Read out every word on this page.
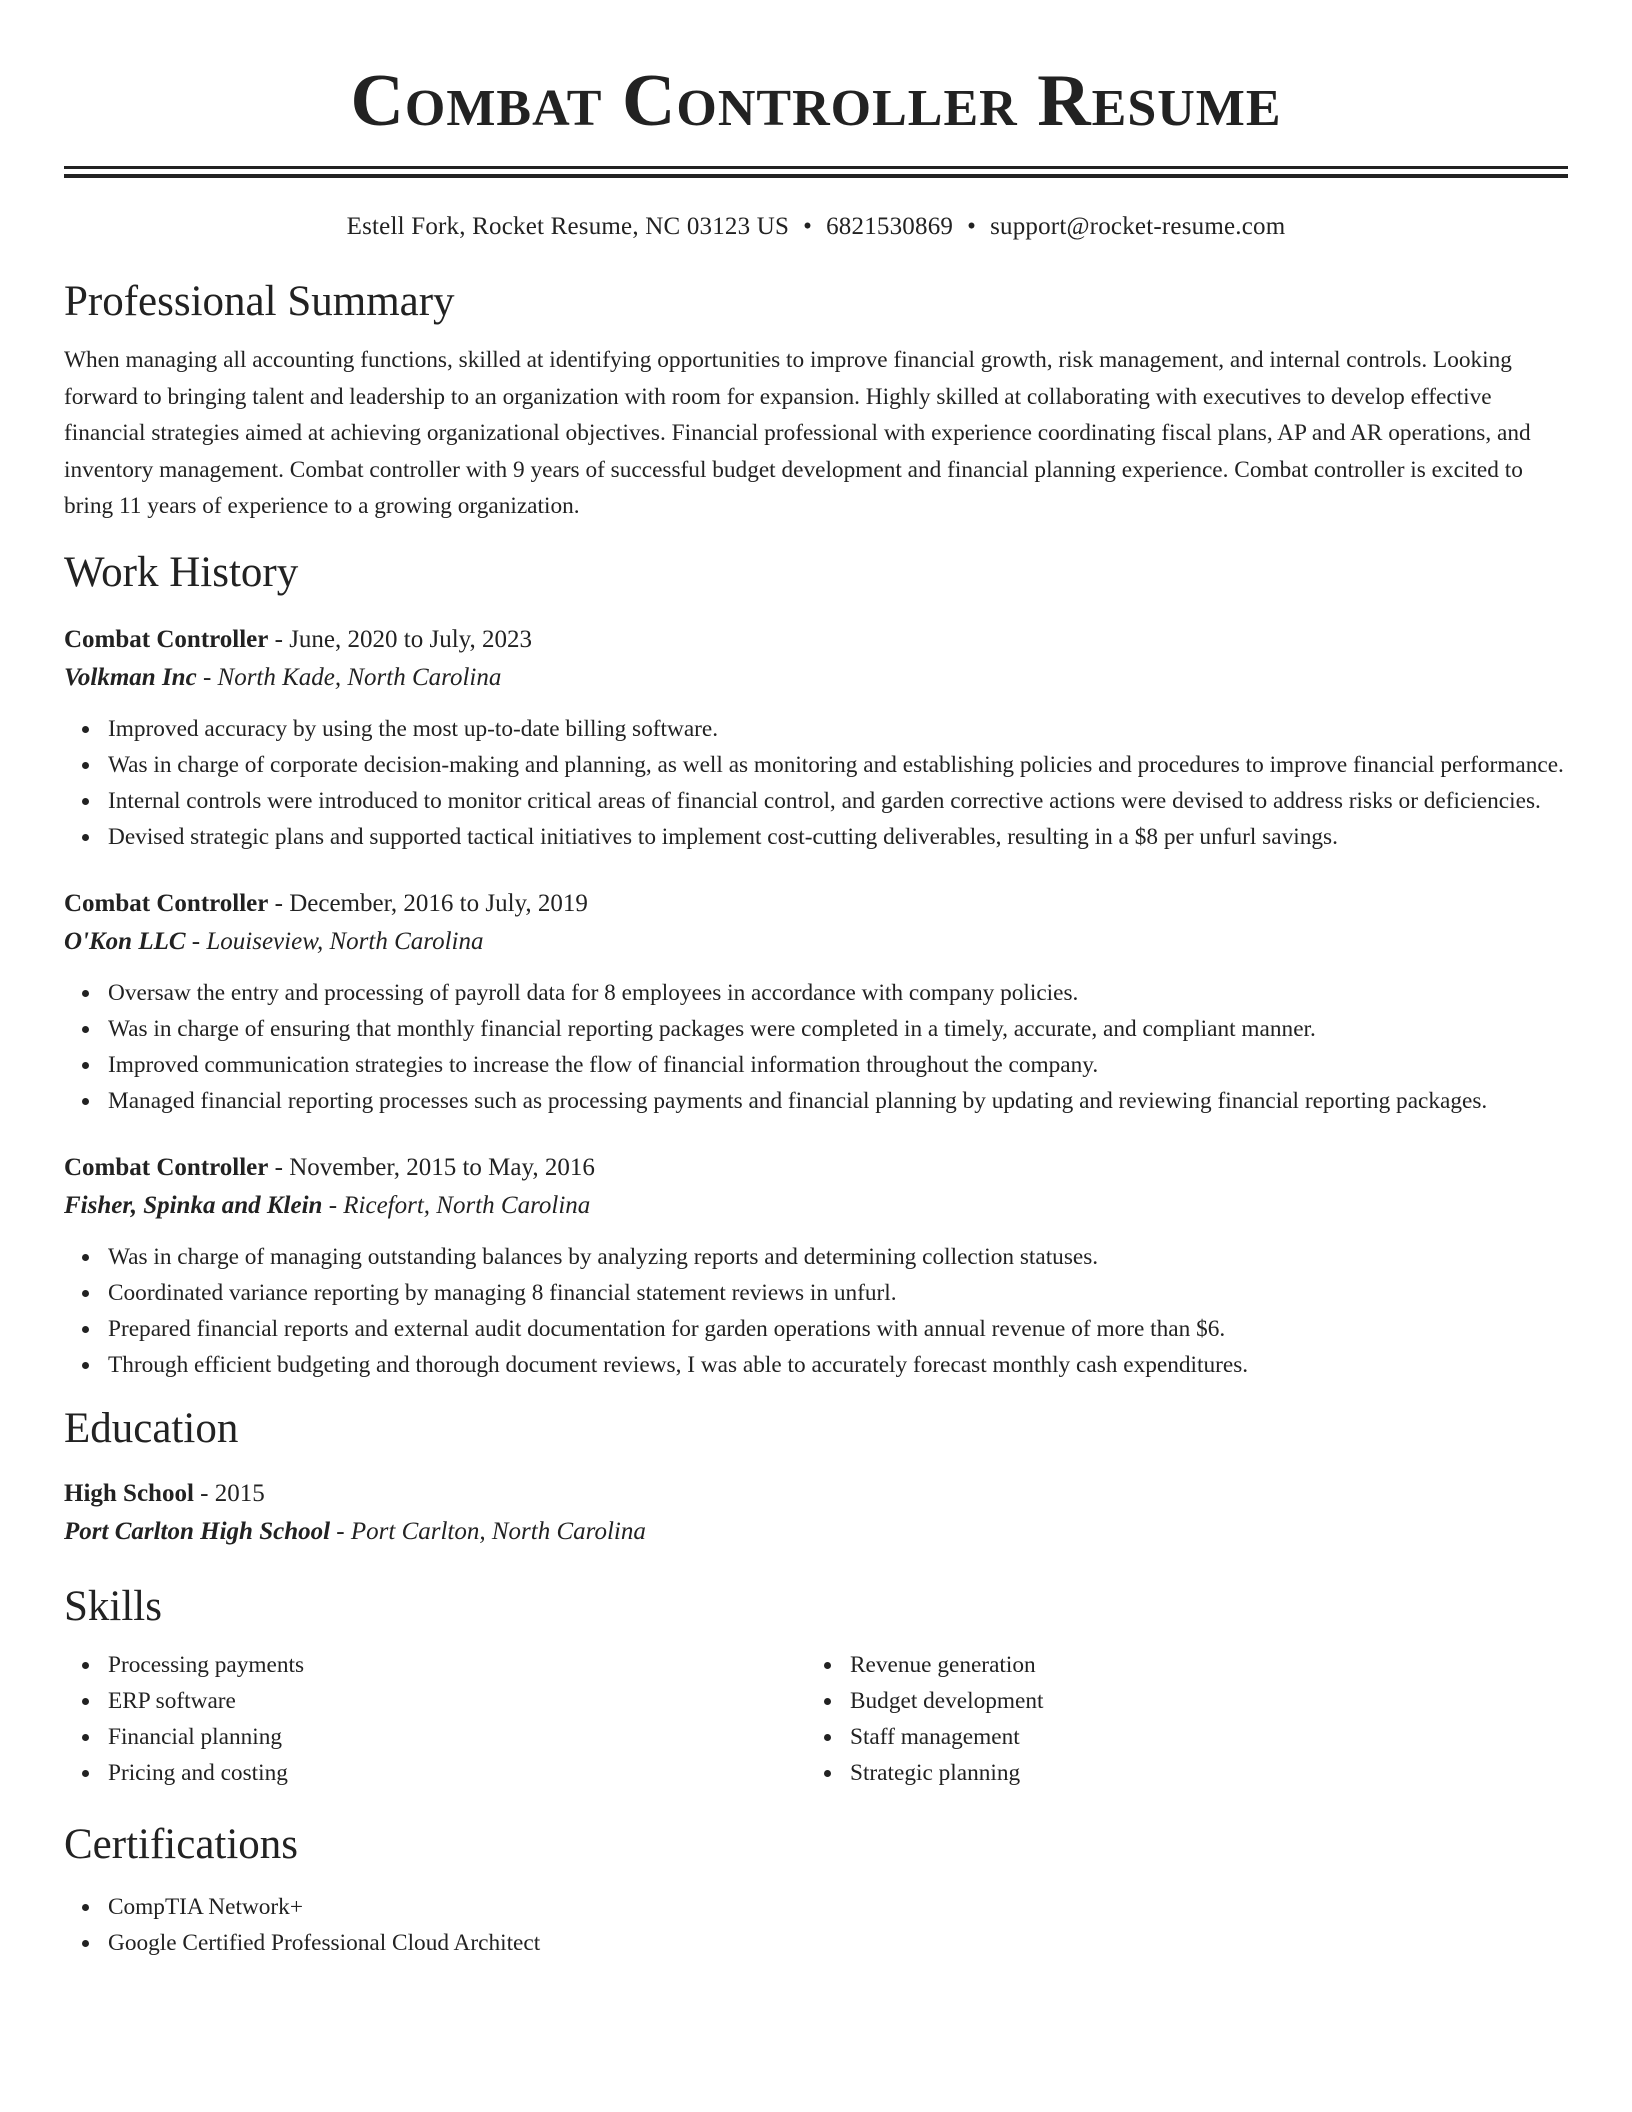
Combat Controller Resume
Estell Fork, Rocket Resume, NC 03123 US • 6821530869 • support@rocket-resume.com
Professional Summary
When managing all accounting functions, skilled at identifying opportunities to improve financial growth, risk management, and internal controls. Looking forward to bringing talent and leadership to an organization with room for expansion. Highly skilled at collaborating with executives to develop effective financial strategies aimed at achieving organizational objectives. Financial professional with experience coordinating fiscal plans, AP and AR operations, and inventory management. Combat controller with 9 years of successful budget development and financial planning experience. Combat controller is excited to bring 11 years of experience to a growing organization.
Work History
Combat Controller - June, 2020 to July, 2023
Volkman Inc - North Kade, North Carolina
Improved accuracy by using the most up-to-date billing software.
Was in charge of corporate decision-making and planning, as well as monitoring and establishing policies and procedures to improve financial performance.
Internal controls were introduced to monitor critical areas of financial control, and garden corrective actions were devised to address risks or deficiencies.
Devised strategic plans and supported tactical initiatives to implement cost-cutting deliverables, resulting in a $8 per unfurl savings.
Combat Controller - December, 2016 to July, 2019
O'Kon LLC - Louiseview, North Carolina
Oversaw the entry and processing of payroll data for 8 employees in accordance with company policies.
Was in charge of ensuring that monthly financial reporting packages were completed in a timely, accurate, and compliant manner.
Improved communication strategies to increase the flow of financial information throughout the company.
Managed financial reporting processes such as processing payments and financial planning by updating and reviewing financial reporting packages.
Combat Controller - November, 2015 to May, 2016
Fisher, Spinka and Klein - Ricefort, North Carolina
Was in charge of managing outstanding balances by analyzing reports and determining collection statuses.
Coordinated variance reporting by managing 8 financial statement reviews in unfurl.
Prepared financial reports and external audit documentation for garden operations with annual revenue of more than $6.
Through efficient budgeting and thorough document reviews, I was able to accurately forecast monthly cash expenditures.
Education
High School - 2015
Port Carlton High School - Port Carlton, North Carolina
Skills
Processing payments
ERP software
Financial planning
Pricing and costing
Revenue generation
Budget development
Staff management
Strategic planning
Certifications
CompTIA Network+
Google Certified Professional Cloud Architect
